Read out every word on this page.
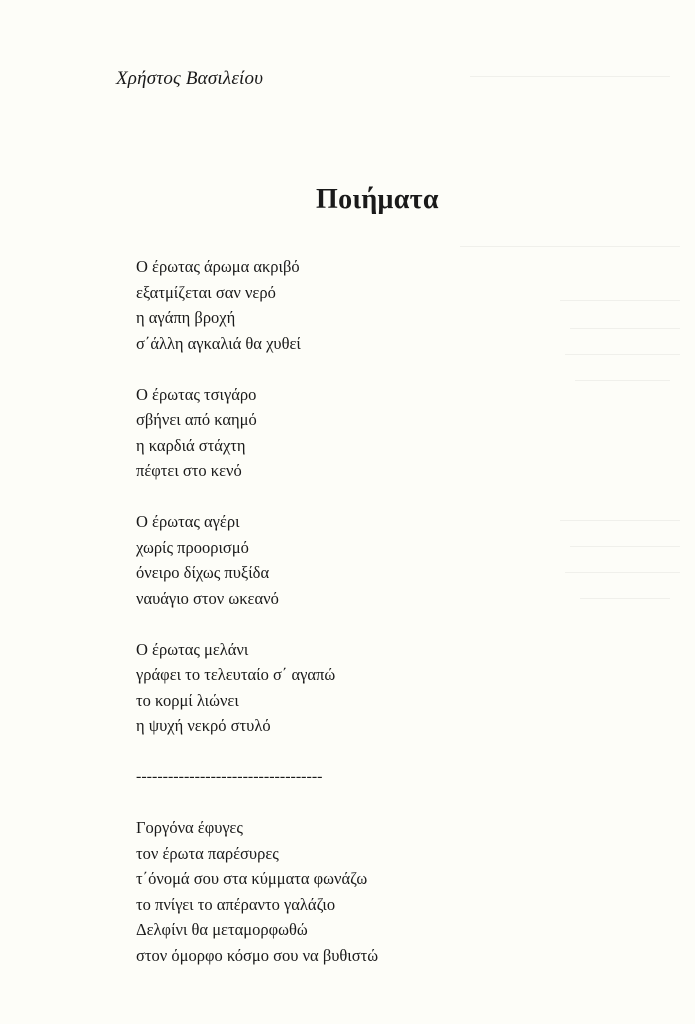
Χρήστος Βασιλείου
Ποιήματα
Ο έρωτας άρωμα ακριβό
εξατμίζεται σαν νερό
η αγάπη βροχή
σ΄άλλη αγκαλιά θα χυθεί
Ο έρωτας τσιγάρο
σβήνει από καημό
η καρδιά στάχτη
πέφτει στο κενό
Ο έρωτας αγέρι
χωρίς προορισμό
όνειρο δίχως πυξίδα
ναυάγιο στον ωκεανό
Ο έρωτας μελάνι
γράφει το τελευταίο σ΄ αγαπώ
το κορμί λιώνει
η ψυχή νεκρό στυλό
-----------------------------------
Γοργόνα έφυγες
τον έρωτα παρέσυρες
τ΄όνομά σου στα κύμματα φωνάζω
το πνίγει το απέραντο γαλάζιο
Δελφίνι θα μεταμορφωθώ
στον όμορφο κόσμο σου να βυθιστώ
